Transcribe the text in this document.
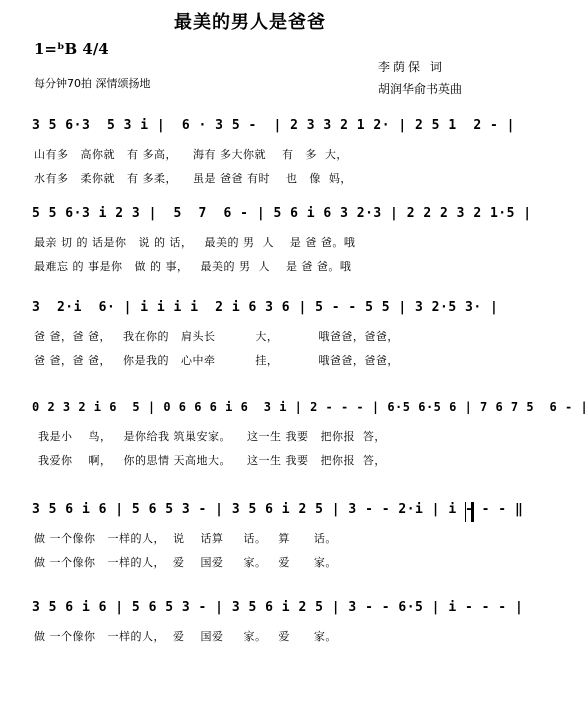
最美的男人是爸爸
1=ᵇB 4/4
每分钟70拍 深情颂扬地
李荫保 词
胡润华俞书英曲
3 5 6·3  5 3 i |  6 · 3 5 -  | 2 3 3 2 1 2· | 2 5 1  2 - |
山有多   高你就   有 多高，    海有 多大你就    有   多  大，
水有多   柔你就   有 多柔，    虽是 爸爸 有时    也   像  妈，
5 5 6·3 i 2 3 |  5  7  6 - | 5 6 i 6 3 2·3 | 2 2 2 3 2 1·5 |
最亲 切 的 话是你   说 的 话，   最美的 男  人    是 爸 爸。哦
最难忘 的 事是你   做 的 事，   最美的 男  人    是 爸 爸。哦
3  2·i  6· | i i i i  2 i 6 3 6 | 5 - - 5 5 | 3 2·5 3· |
爸 爸，爸 爸，   我在你的   肩头长          大，          哦爸爸，爸爸，
爸 爸，爸 爸，   你是我的   心中牵          挂，          哦爸爸，爸爸，
0 2 3 2 i 6  5 | 0 6 6 6 i 6  3 i | 2 - - - | 6·5 6·5 6 | 7 6 7 5  6 - |
我是小    鸟，   是你给我 筑巢安家。    这一生 我要   把你报  答，
我爱你    啊，   你的思情 天高地大。    这一生 我要   把你报  答，
3 5 6 i 6 | 5 6 5 3 - | 3 5 6 i 2 5 | 3 - - 2·i | i - - - ‖
做 一个像你   一样的人，  说    话算     话。   算      话。
做 一个像你   一样的人，  爱    国爱     家。   爱      家。
3 5 6 i 6 | 5 6 5 3 - | 3 5 6 i 2 5 | 3 - - 6·5 | i - - - |
做 一个像你   一样的人，  爱    国爱     家。   爱      家。
